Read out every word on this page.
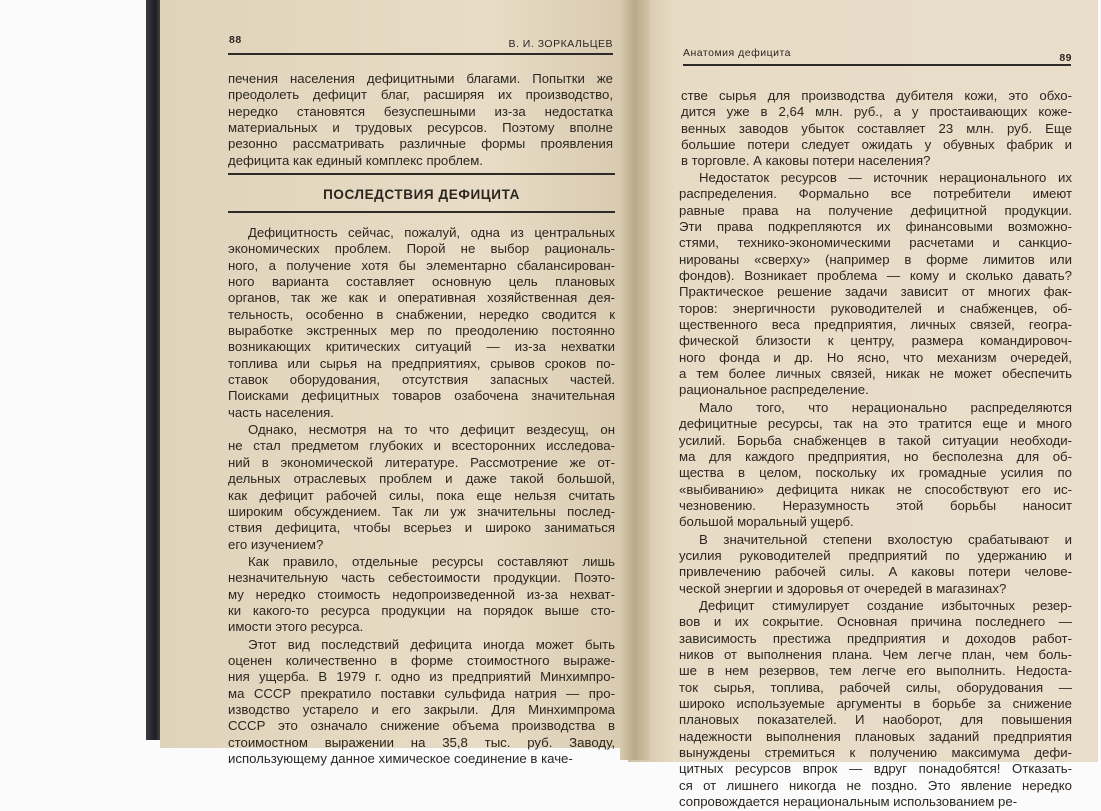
88	В. И. ЗОРКАЛЬЦЕВ
печения населения дефицитными благами. Попытки же
преодолеть дефицит благ, расширяя их производство,
нередко становятся безуспешными из-за недостатка
материальных и трудовых ресурсов. Поэтому вполне
резонно рассматривать различные формы проявления
дефицита как единый комплекс проблем.
ПОСЛЕДСТВИЯ ДЕФИЦИТА
Дефицитность сейчас, пожалуй, одна из центральных
экономических проблем. Порой не выбор рациональ-
ного, а получение хотя бы элементарно сбалансирован-
ного варианта составляет основную цель плановых
органов, так же как и оперативная хозяйственная дея-
тельность, особенно в снабжении, нередко сводится к
выработке экстренных мер по преодолению постоянно
возникающих критических ситуаций — из-за нехватки
топлива или сырья на предприятиях, срывов сроков по-
ставок оборудования, отсутствия запасных частей.
Поисками дефицитных товаров озабочена значительная
часть населения.
Однако, несмотря на то что дефицит вездесущ, он
не стал предметом глубоких и всесторонних исследова-
ний в экономической литературе. Рассмотрение же от-
дельных отраслевых проблем и даже такой большой,
как дефицит рабочей силы, пока еще нельзя считать
широким обсуждением. Так ли уж значительны послед-
ствия дефицита, чтобы всерьез и широко заниматься
его изучением?
Как правило, отдельные ресурсы составляют лишь
незначительную часть себестоимости продукции. Поэто-
му нередко стоимость недопроизведенной из-за нехват-
ки какого-то ресурса продукции на порядок выше сто-
имости этого ресурса.
Этот вид последствий дефицита иногда может быть
оценен количественно в форме стоимостного выраже-
ния ущерба. В 1979 г. одно из предприятий Минхимпро-
ма СССР прекратило поставки сульфида натрия — про-
изводство устарело и его закрыли. Для Минхимпрома
СССР это означало снижение объема производства в
стоимостном выражении на 35,8 тыс. руб. Заводу,
использующему данное химическое соединение в каче-
Анатомия дефицита	89
стве сырья для производства дубителя кожи, это обхо-
дится уже в 2,64 млн. руб., а у простаивающих коже-
венных заводов убыток составляет 23 млн. руб. Еще
большие потери следует ожидать у обувных фабрик и
в торговле. А каковы потери населения?
Недостаток ресурсов — источник нерационального их
распределения. Формально все потребители имеют
равные права на получение дефицитной продукции.
Эти права подкрепляются их финансовыми возможно-
стями, технико-экономическими расчетами и санкцио-
нированы «сверху» (например в форме лимитов или
фондов). Возникает проблема — кому и сколько давать?
Практическое решение задачи зависит от многих фак-
торов: энергичности руководителей и снабженцев, об-
щественного веса предприятия, личных связей, геогра-
фической близости к центру, размера командировоч-
ного фонда и др. Но ясно, что механизм очередей,
а тем более личных связей, никак не может обеспечить
рациональное распределение.
Мало того, что нерационально распределяются
дефицитные ресурсы, так на это тратится еще и много
усилий. Борьба снабженцев в такой ситуации необходи-
ма для каждого предприятия, но бесполезна для об-
щества в целом, поскольку их громадные усилия по
«выбиванию» дефицита никак не способствуют его ис-
чезновению. Неразумность этой борьбы наносит
большой моральный ущерб.
В значительной степени вхолостую срабатывают и
усилия руководителей предприятий по удержанию и
привлечению рабочей силы. А каковы потери челове-
ческой энергии и здоровья от очередей в магазинах?
Дефицит стимулирует создание избыточных резер-
вов и их сокрытие. Основная причина последнего —
зависимость престижа предприятия и доходов работ-
ников от выполнения плана. Чем легче план, чем боль-
ше в нем резервов, тем легче его выполнить. Недоста-
ток сырья, топлива, рабочей силы, оборудования —
широко используемые аргументы в борьбе за снижение
плановых показателей. И наоборот, для повышения
надежности выполнения плановых заданий предприятия
вынуждены стремиться к получению максимума дефи-
цитных ресурсов впрок — вдруг понадобятся! Отказать-
ся от лишнего никогда не поздно. Это явление нередко
сопровождается нерациональным использованием ре-
